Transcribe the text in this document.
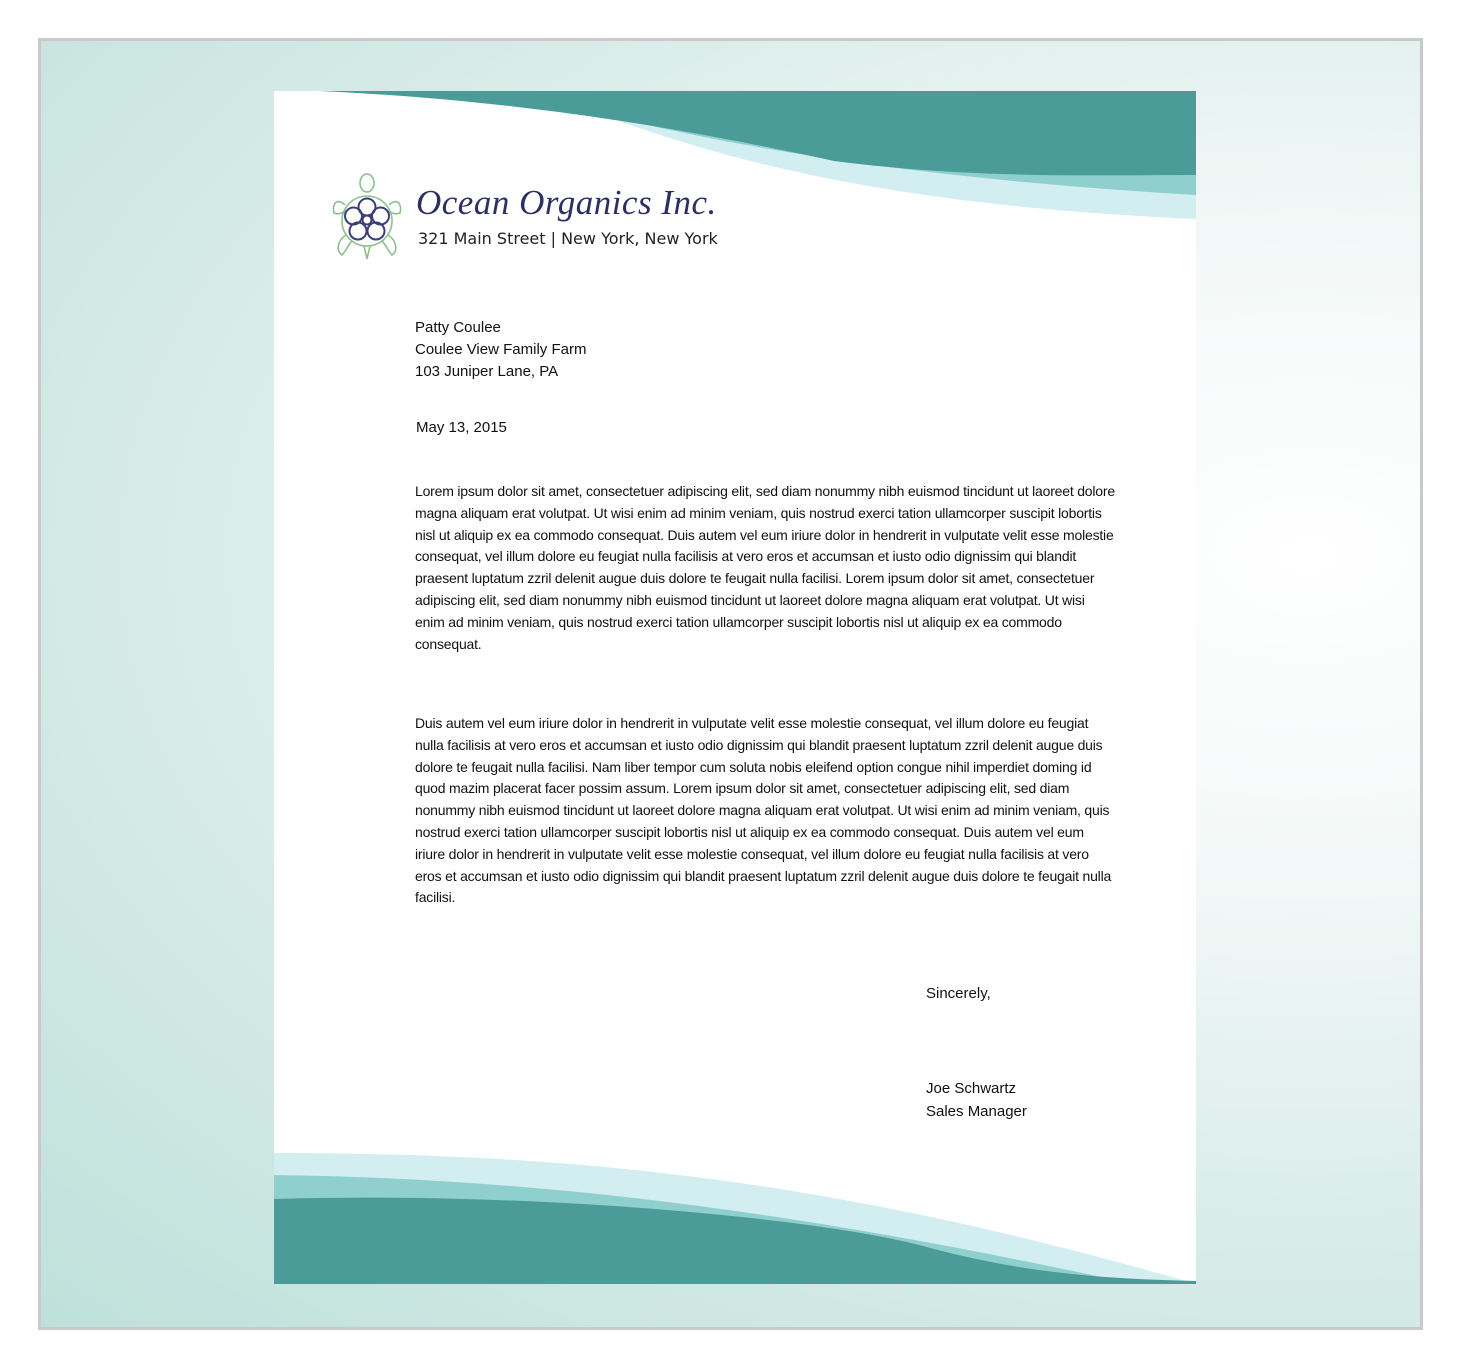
Ocean Organics Inc.
321 Main Street | New York, New York
Patty Coulee
Coulee View Family Farm
103 Juniper Lane, PA
May 13, 2015

Lorem ipsum dolor sit amet, consectetuer adipiscing elit, sed diam nonummy nibh euismod tincidunt ut laoreet dolore magna aliquam erat volutpat. Ut wisi enim ad minim veniam, quis nostrud exerci tation ullamcorper suscipit lobortis nisl ut aliquip ex ea commodo consequat. Duis autem vel eum iriure dolor in hendrerit in vulputate velit esse molestie consequat, vel illum dolore eu feugiat nulla facilisis at vero eros et accumsan et iusto odio dignissim qui blandit praesent luptatum zzril delenit augue duis dolore te feugait nulla facilisi. Lorem ipsum dolor sit amet, consectetuer adipiscing elit, sed diam nonummy nibh euismod tincidunt ut laoreet dolore magna aliquam erat volutpat. Ut wisi enim ad minim veniam, quis nostrud exerci tation ullamcorper suscipit lobortis nisl ut aliquip ex ea commodo consequat.

Duis autem vel eum iriure dolor in hendrerit in vulputate velit esse molestie consequat, vel illum dolore eu feugiat nulla facilisis at vero eros et accumsan et iusto odio dignissim qui blandit praesent luptatum zzril delenit augue duis dolore te feugait nulla facilisi. Nam liber tempor cum soluta nobis eleifend option congue nihil imperdiet doming id quod mazim placerat facer possim assum. Lorem ipsum dolor sit amet, consectetuer adipiscing elit, sed diam nonummy nibh euismod tincidunt ut laoreet dolore magna aliquam erat volutpat. Ut wisi enim ad minim veniam, quis nostrud exerci tation ullamcorper suscipit lobortis nisl ut aliquip ex ea commodo consequat. Duis autem vel eum iriure dolor in hendrerit in vulputate velit esse molestie consequat, vel illum dolore eu feugiat nulla facilisis at vero eros et accumsan et iusto odio dignissim qui blandit praesent luptatum zzril delenit augue duis dolore te feugait nulla facilisi.

Sincerely,
Joe Schwartz
Sales Manager
